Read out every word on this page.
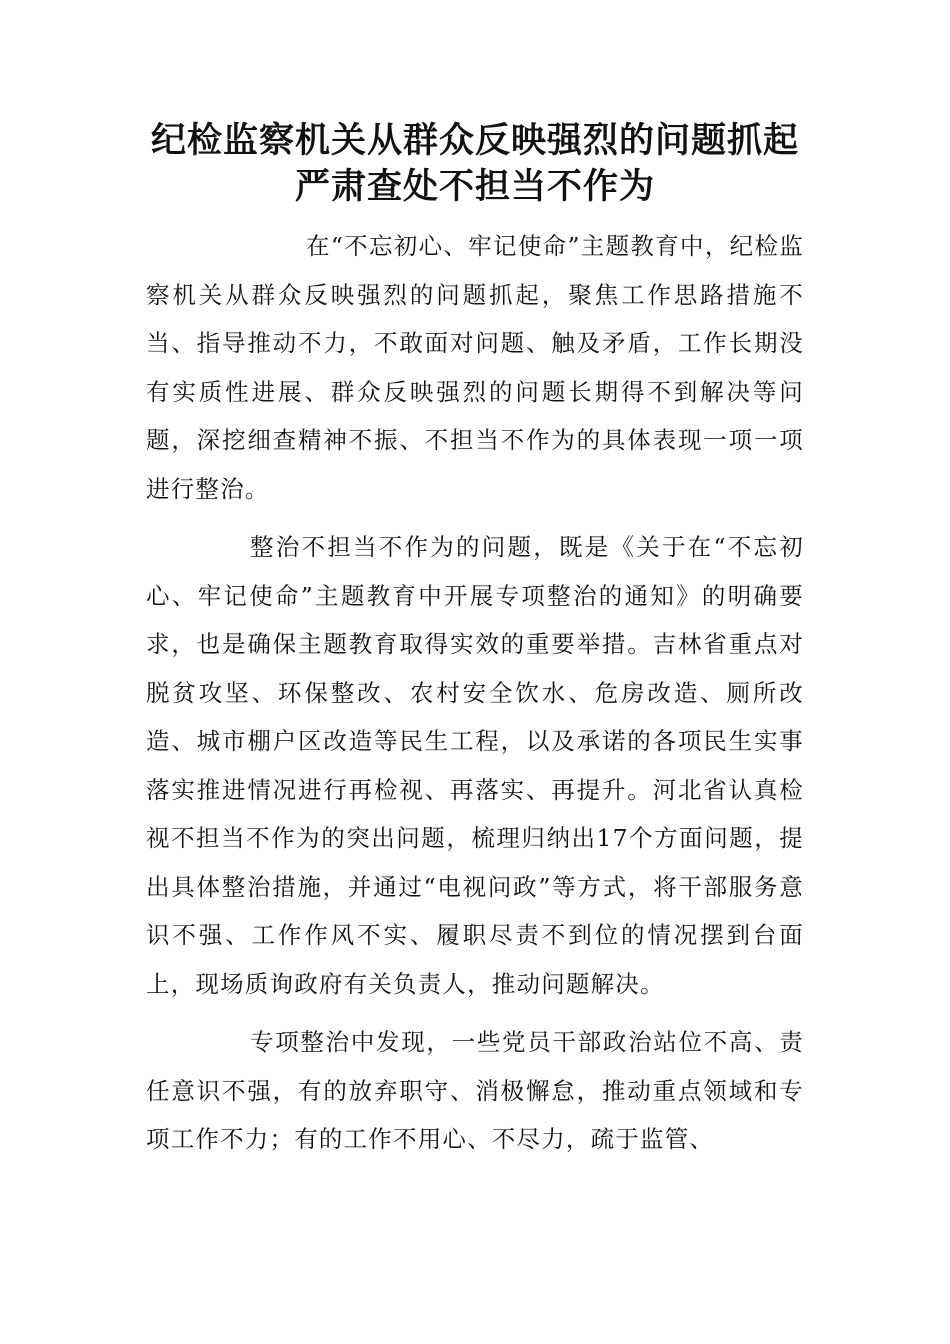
纪检监察机关从群众反映强烈的问题抓起
严肃查处不担当不作为

在“不忘初心、牢记使命”主题教育中，纪检监察机关从群众反映强烈的问题抓起，聚焦工作思路措施不当、指导推动不力，不敢面对问题、触及矛盾，工作长期没有实质性进展、群众反映强烈的问题长期得不到解决等问题，深挖细查精神不振、不担当不作为的具体表现一项一项进行整治。

整治不担当不作为的问题，既是《关于在“不忘初心、牢记使命”主题教育中开展专项整治的通知》的明确要求，也是确保主题教育取得实效的重要举措。吉林省重点对脱贫攻坚、环保整改、农村安全饮水、危房改造、厕所改造、城市棚户区改造等民生工程，以及承诺的各项民生实事落实推进情况进行再检视、再落实、再提升。河北省认真检视不担当不作为的突出问题，梳理归纳出17个方面问题，提出具体整治措施，并通过“电视问政”等方式，将干部服务意识不强、工作作风不实、履职尽责不到位的情况摆到台面上，现场质询政府有关负责人，推动问题解决。

专项整治中发现，一些党员干部政治站位不高、责任意识不强，有的放弃职守、消极懈怠，推动重点领域和专项工作不力；有的工作不用心、不尽力，疏于监管、
